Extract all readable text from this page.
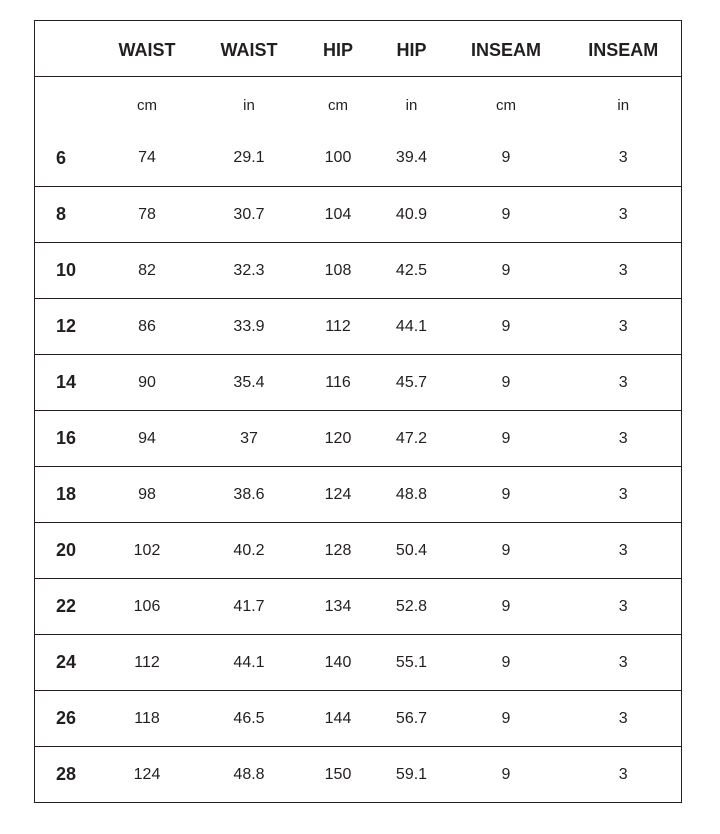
	WAIST	WAIST	HIP	HIP	INSEAM	INSEAM
	cm	in	cm	in	cm	in
6	74	29.1	100	39.4	9	3
8	78	30.7	104	40.9	9	3
10	82	32.3	108	42.5	9	3
12	86	33.9	112	44.1	9	3
14	90	35.4	116	45.7	9	3
16	94	37	120	47.2	9	3
18	98	38.6	124	48.8	9	3
20	102	40.2	128	50.4	9	3
22	106	41.7	134	52.8	9	3
24	112	44.1	140	55.1	9	3
26	118	46.5	144	56.7	9	3
28	124	48.8	150	59.1	9	3
